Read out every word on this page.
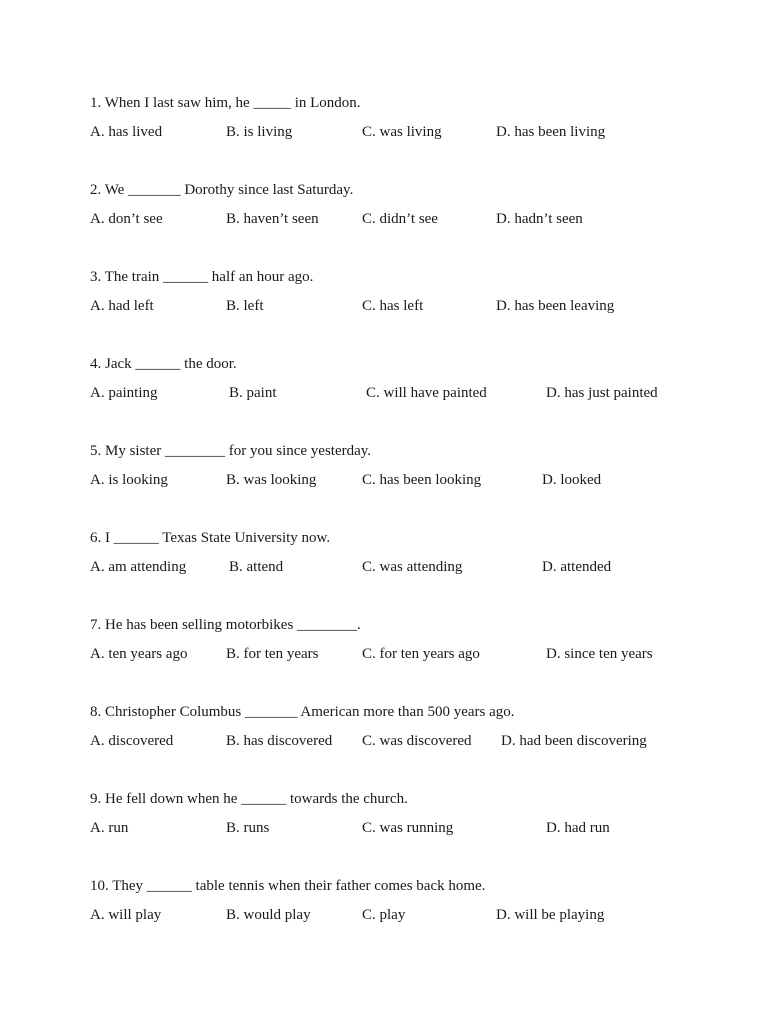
1. When I last saw him, he _____ in London.
A. has lived	B. is living	C. was living	D. has been living
2. We _______ Dorothy since last Saturday.
A. don’t see	B. haven’t seen	C. didn’t see	D. hadn’t seen
3. The train ______ half an hour ago.
A. had left	B. left	C. has left	D. has been leaving
4. Jack ______ the door.
A. painting	B. paint	C. will have painted	D. has just painted
5. My sister ________ for you since yesterday.
A. is looking	B. was looking	C. has been looking	D. looked
6. I ______ Texas State University now.
A. am attending	B. attend	C. was attending	D. attended
7. He has been selling motorbikes ________.
A. ten years ago	B. for ten years	C. for ten years ago	D. since ten years
8. Christopher Columbus _______ American more than 500 years ago.
A. discovered	B. has discovered C. was discovered D. had been discovering
9. He fell down when he ______ towards the church.
A. run	B. runs	C. was running	D. had run
10. They ______ table tennis when their father comes back home.
A. will play	B. would play	C. play	D. will be playing
